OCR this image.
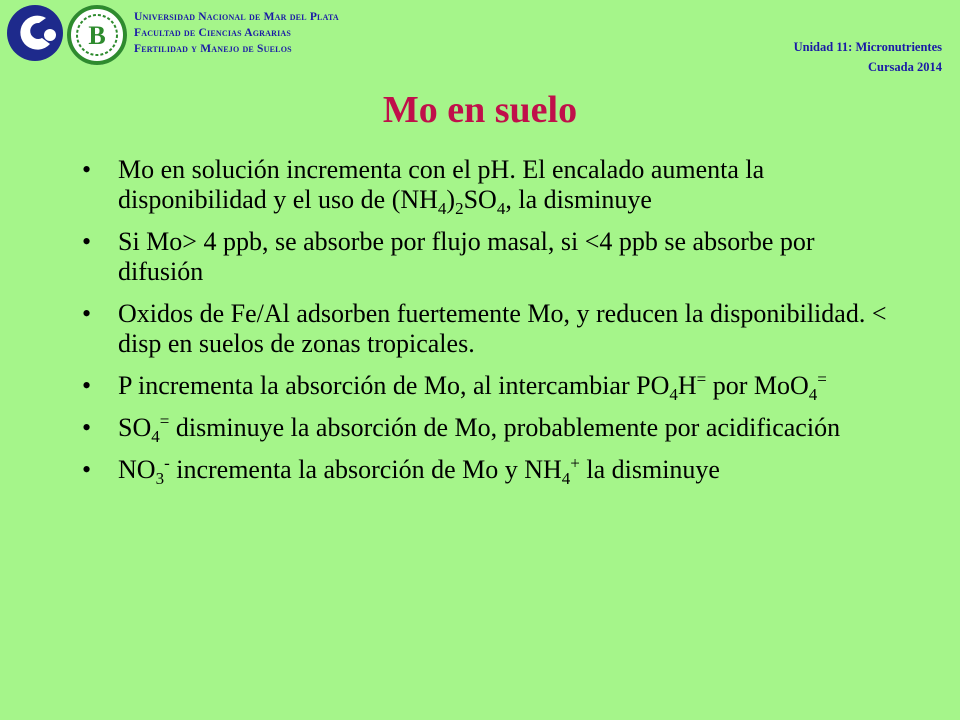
B
Universidad Nacional de Mar del Plata
Facultad de Ciencias Agrarias
Fertilidad y Manejo de Suelos	Unidad 11: Micronutrientes
Cursada 2014
Mo en suelo
• Mo en solución incrementa con el pH. El encalado aumenta la disponibilidad y el uso de $(NH_4)_2SO_4$, la disminuye
• Si Mo> 4 ppb, se absorbe por flujo masal, si <4 ppb se absorbe por difusión
• Oxidos de Fe/Al adsorben fuertemente Mo, y reducen la disponibilidad. < disp en suelos de zonas tropicales.
• P incrementa la absorción de Mo, al intercambiar $PO_4H^=$ por MoO$_4$=
• $SO_4^=$ disminuye la absorción de Mo, probablemente por acidificación
• $NO_3^-$ incrementa la absorción de Mo y $NH_4^+$ la disminuye
